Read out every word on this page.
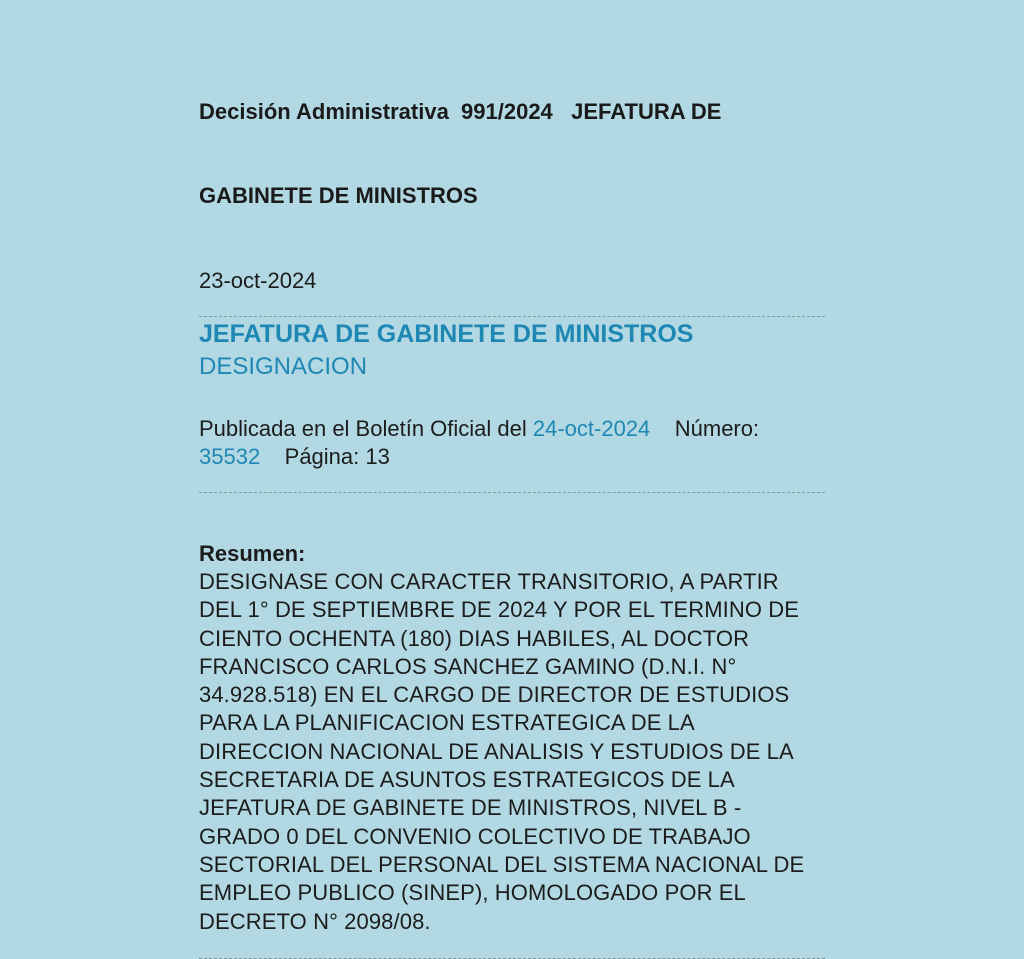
Decisión Administrativa  991/2024   JEFATURA DE

GABINETE DE MINISTROS

23-oct-2024
JEFATURA DE GABINETE DE MINISTROS
DESIGNACION
Publicada en el Boletín Oficial del 24-oct-2024 Número:
35532 Página: 13
Resumen:
DESIGNASE CON CARACTER TRANSITORIO, A PARTIR
DEL 1° DE SEPTIEMBRE DE 2024 Y POR EL TERMINO DE
CIENTO OCHENTA (180) DIAS HABILES, AL DOCTOR
FRANCISCO CARLOS SANCHEZ GAMINO (D.N.I. N°
34.928.518) EN EL CARGO DE DIRECTOR DE ESTUDIOS
PARA LA PLANIFICACION ESTRATEGICA DE LA
DIRECCION NACIONAL DE ANALISIS Y ESTUDIOS DE LA
SECRETARIA DE ASUNTOS ESTRATEGICOS DE LA
JEFATURA DE GABINETE DE MINISTROS, NIVEL B -
GRADO 0 DEL CONVENIO COLECTIVO DE TRABAJO
SECTORIAL DEL PERSONAL DEL SISTEMA NACIONAL DE
EMPLEO PUBLICO (SINEP), HOMOLOGADO POR EL
DECRETO N° 2098/08.
